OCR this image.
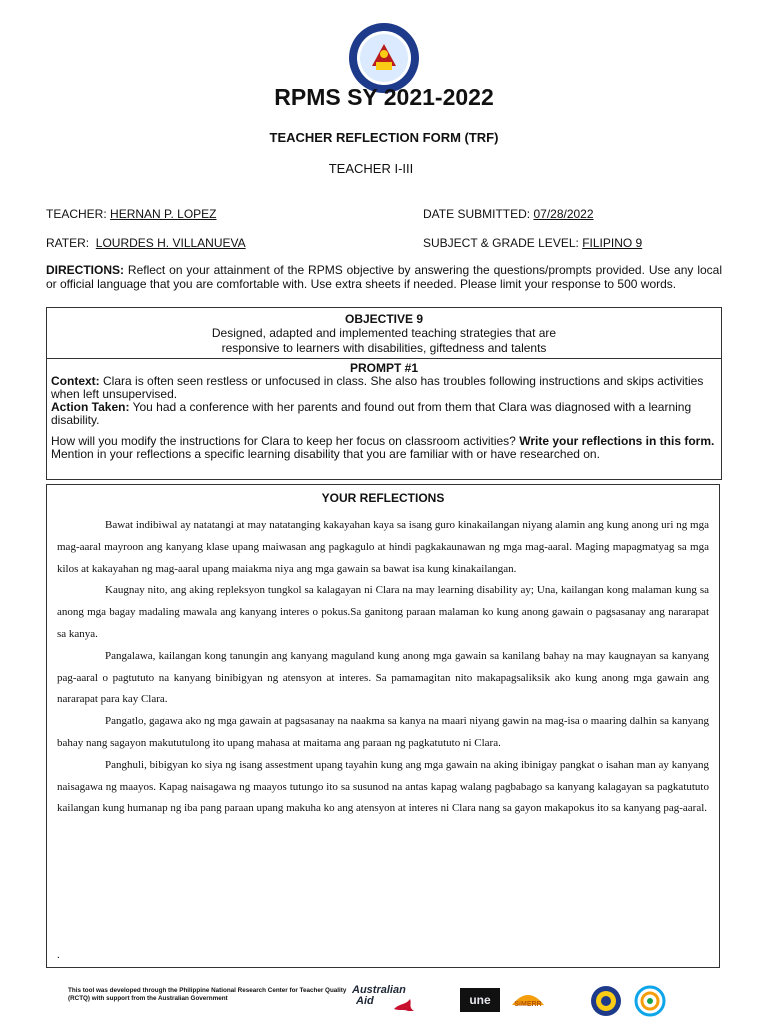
RPMS SY 2021-2022
TEACHER REFLECTION FORM (TRF)
TEACHER I-III
TEACHER: HERNAN P. LOPEZ	DATE SUBMITTED: 07/28/2022
RATER: LOURDES H. VILLANUEVA	SUBJECT & GRADE LEVEL: FILIPINO 9
DIRECTIONS: Reflect on your attainment of the RPMS objective by answering the questions/prompts provided. Use any local or official language that you are comfortable with. Use extra sheets if needed. Please limit your response to 500 words.
OBJECTIVE 9
Designed, adapted and implemented teaching strategies that are
responsive to learners with disabilities, giftedness and talents
PROMPT #1

Context: Clara is often seen restless or unfocused in class. She also has troubles following instructions and skips activities when left unsupervised.

Action Taken: You had a conference with her parents and found out from them that Clara was diagnosed with a learning disability.

How will you modify the instructions for Clara to keep her focus on classroom activities? Write your reflections in this form. Mention in your reflections a specific learning disability that you are familiar with or have researched on.

YOUR REFLECTIONS

Bawat indibiwal ay natatangi at may natatanging kakayahan kaya sa isang guro kinakailangan niyang alamin ang kung anong uri ng mga mag-aaral mayroon ang kanyang klase upang maiwasan ang pagkagulo at hindi pagkakaunawan ng mga mag-aaral. Maging mapagmatyag sa mga kilos at kakayahan ng mag-aaral upang maiakma niya ang mga gawain sa bawat isa kung kinakailangan.

Kaugnay nito, ang aking repleksyon tungkol sa kalagayan ni Clara na may learning disability ay; Una, kailangan kong malaman kung sa anong mga bagay madaling mawala ang kanyang interes o pokus.Sa ganitong paraan malaman ko kung anong gawain o pagsasanay ang nararapat sa kanya.

Pangalawa, kailangan kong tanungin ang kanyang maguland kung anong mga gawain sa kanilang bahay na may kaugnayan sa kanyang pag-aaral o pagtututo na kanyang binibigyan ng atensyon at interes. Sa pamamagitan nito makapagsaliksik ako kung anong mga gawain ang nararapat para kay Clara.

Pangatlo, gagawa ako ng mga gawain at pagsasanay na naakma sa kanya na maari niyang gawin na mag-isa o maaring dalhin sa kanyang bahay nang sagayon makututulong ito upang mahasa at maitama ang paraan ng pagkatututo ni Clara.

Panghuli, bibigyan ko siya ng isang assestment upang tayahin kung ang mga gawain na aking ibinigay pangkat o isahan man ay kanyang naisagawa ng maayos. Kapag naisagawa ng maayos tutungo ito sa susunod na antas kapag walang pagbabago sa kanyang kalagayan sa pagkatututo kailangan kung humanap ng iba pang paraan upang makuha ko ang atensyon at interes ni Clara nang sa gayon makapokus ito sa kanyang pag-aaral.

.
This tool was developed through the Philippine National Research Center for Teacher Quality (RCTQ) with support from the Australian Government
Australian
Aid	une	SiMERR
